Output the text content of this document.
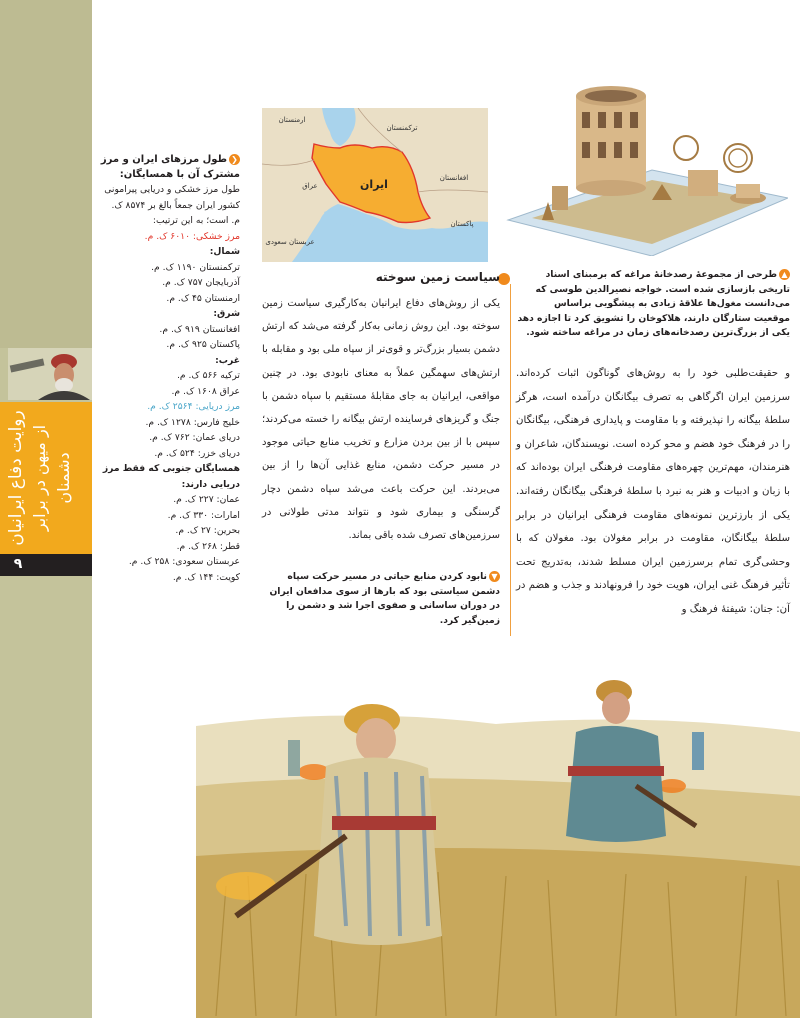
روایت دفاع ایرانیان از میهن در برابر دشمنان
۹
❮طول مرزهای ایران و مرز مشترک آن با همسایگان:
طول مرز خشکی و دریایی پیرامونی کشور ایران جمعاً بالغ بر ۸۵۷۴ ک. م. است؛ به این ترتیب:
مرز خشکی: ۶۰۱۰ ک. م.
شمال:
ترکمنستان ۱۱۹۰ ک. م.
آذربایجان ۷۵۷ ک. م.
ارمنستان ۴۵ ک. م.
شرق:
افغانستان ۹۱۹ ک. م.
پاکستان ۹۲۵ ک. م.
غرب:
ترکیه ۵۶۶ ک. م.
عراق ۱۶۰۸ ک. م.
مرز دریایی: ۲۵۶۴ ک. م.
خلیج فارس: ۱۲۷۸ ک. م.
دریای عمان: ۷۶۲ ک. م.
دریای خزر: ۵۲۴ ک. م.
همسایگان جنوبی که فقط مرز دریایی دارند:
عمان: ۲۲۷ ک. م.
امارات: ۳۳۰ ک. م.
بحرین: ۲۷ ک. م.
قطر: ۲۶۸ ک. م.
عربستان سعودی: ۲۵۸ ک. م.
کویت: ۱۴۴ ک. م.
ارمنستان
ترکمنستان
عراق	ایران	افغانستان
پاکستان
عربستان سعودی
▲طرحی از مجموعهٔ رصدخانهٔ مراغه که برمبنای اسناد تاریخی بازسازی شده است. خواجه نصیرالدین طوسی که می‌دانست مغول‌ها علاقهٔ زیادی به پیشگویی براساس موقعیت ستارگان دارند، هلاکوخان را تشویق کرد تا اجازه دهد یکی از بزرگ‌ترین رصدخانه‌های زمان در مراغه ساخته شود.
و حقیقت‌طلبی خود را به روش‌های گوناگون اثبات کرده‌اند. سرزمین ایران اگرگاهی به تصرف بیگانگان درآمده است، هرگز سلطهٔ بیگانه را نپذیرفته و با مقاومت و پایداری فرهنگی، بیگانگان را در فرهنگ خود هضم و محو کرده است. نویسندگان، شاعران و هنرمندان، مهم‌ترین چهره‌های مقاومت فرهنگی ایران بوده‌اند که با زبان و ادبیات و هنر به نبرد با سلطهٔ فرهنگی بیگانگان رفته‌اند. یکی از بارزترین نمونه‌های مقاومت فرهنگی ایرانیان در برابر سلطهٔ بیگانگان، مقاومت در برابر مغولان بود. مغولان که با وحشی‌گری تمام برسرزمین ایران مسلط شدند، به‌تدریج تحت تأثیر فرهنگ غنی ایران، هویت خود را فرونهادند و جذب و هضم در آن: جنان: شیفتهٔ فرهنگ و
سیاست زمین سوخته
یکی از روش‌های دفاع ایرانیان به‌کارگیری سیاست زمین سوخته بود. این روش زمانی به‌کار گرفته می‌شد که ارتش دشمن بسیار بزرگ‌تر و قوی‌تر از سپاه ملی بود و مقابله با ارتش‌های سهمگین عملاً به معنای نابودی بود. در چنین مواقعی، ایرانیان به جای مقابلهٔ مستقیم با سپاه دشمن با جنگ و گریزهای فرساینده ارتش بیگانه را خسته می‌کردند؛ سپس با از بین بردن مزارع و تخریب منابع حیاتی موجود در مسیر حرکت دشمن، منابع غذایی آن‌ها را از بین می‌بردند. این حرکت باعث می‌شد سپاه دشمن دچار گرسنگی و بیماری شود و نتواند مدتی طولانی در سرزمین‌های تصرف شده باقی بماند.
▼نابود کردن منابع حیاتی در مسیر حرکت سپاه دشمن سیاستی بود که بارها از سوی مدافعان ایران در دوران ساسانی و صفوی اجرا شد و دشمن را زمین‌گیر کرد.
